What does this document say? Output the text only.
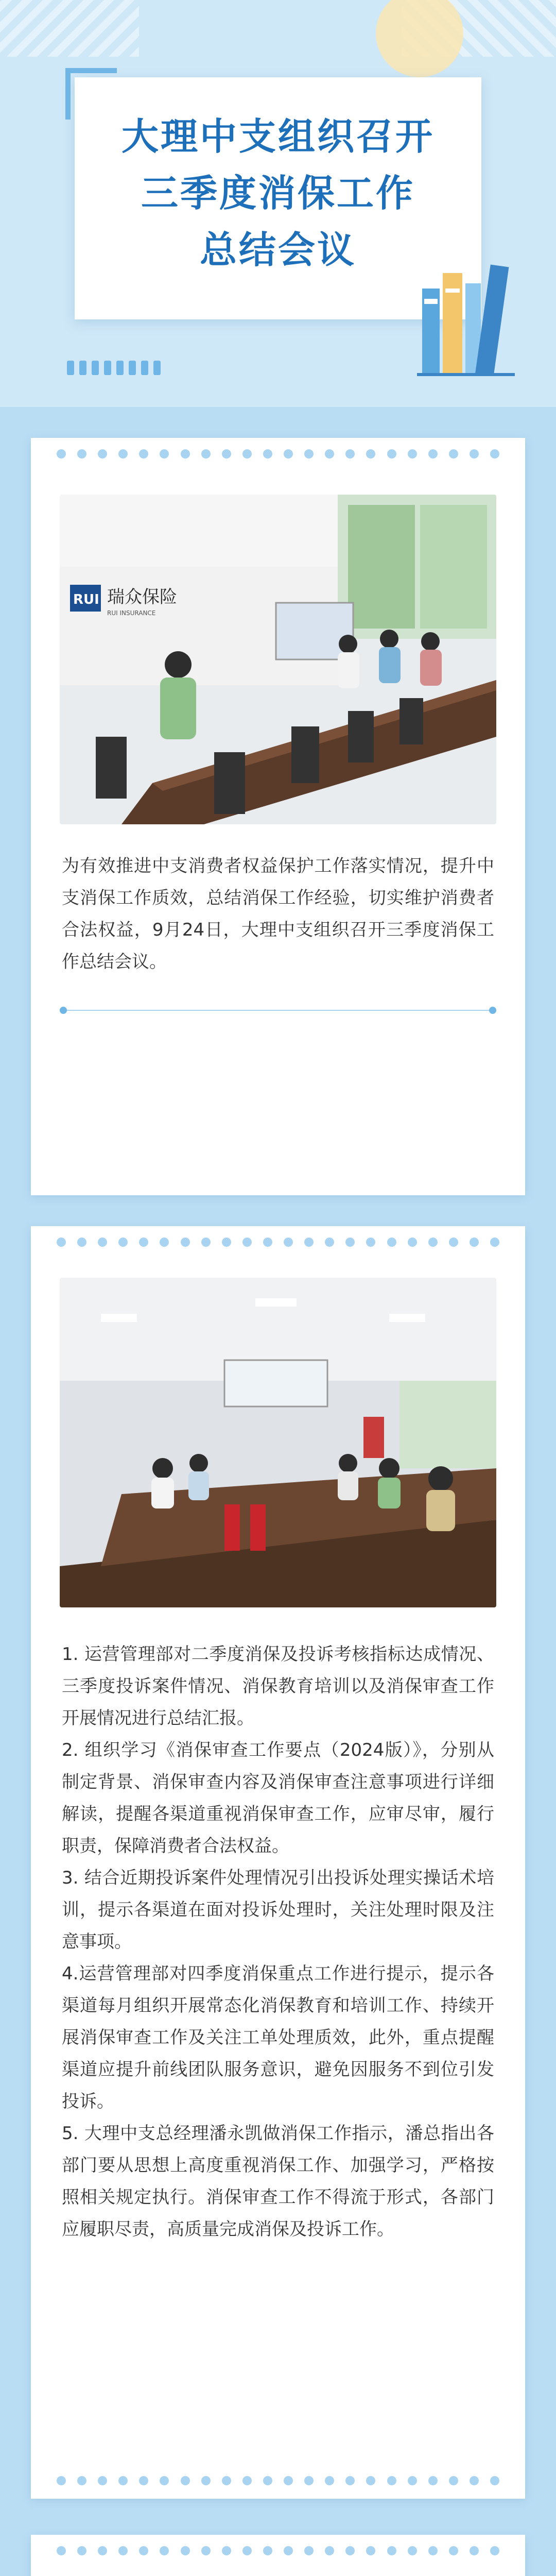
大理中支组织召开
三季度消保工作
总结会议
RUI 瑞众保险
RUI INSURANCE

为有效推进中支消费者权益保护工作落实情况，提升中支消保工作质效，总结消保工作经验，切实维护消费者合法权益，9月24日，大理中支组织召开三季度消保工作总结会议。

1. 运营管理部对二季度消保及投诉考核指标达成情况、三季度投诉案件情况、消保教育培训以及消保审查工作开展情况进行总结汇报。

2. 组织学习《消保审查工作要点（2024版）》，分别从制定背景、消保审查内容及消保审查注意事项进行详细解读，提醒各渠道重视消保审查工作，应审尽审，履行职责，保障消费者合法权益。

3. 结合近期投诉案件处理情况引出投诉处理实操话术培训，提示各渠道在面对投诉处理时，关注处理时限及注意事项。

4.运营管理部对四季度消保重点工作进行提示，提示各渠道每月组织开展常态化消保教育和培训工作、持续开展消保审查工作及关注工单处理质效，此外，重点提醒渠道应提升前线团队服务意识，避免因服务不到位引发投诉。

5. 大理中支总经理潘永凯做消保工作指示，潘总指出各部门要从思想上高度重视消保工作、加强学习，严格按照相关规定执行。消保审查工作不得流于形式，各部门应履职尽责，高质量完成消保及投诉工作。
